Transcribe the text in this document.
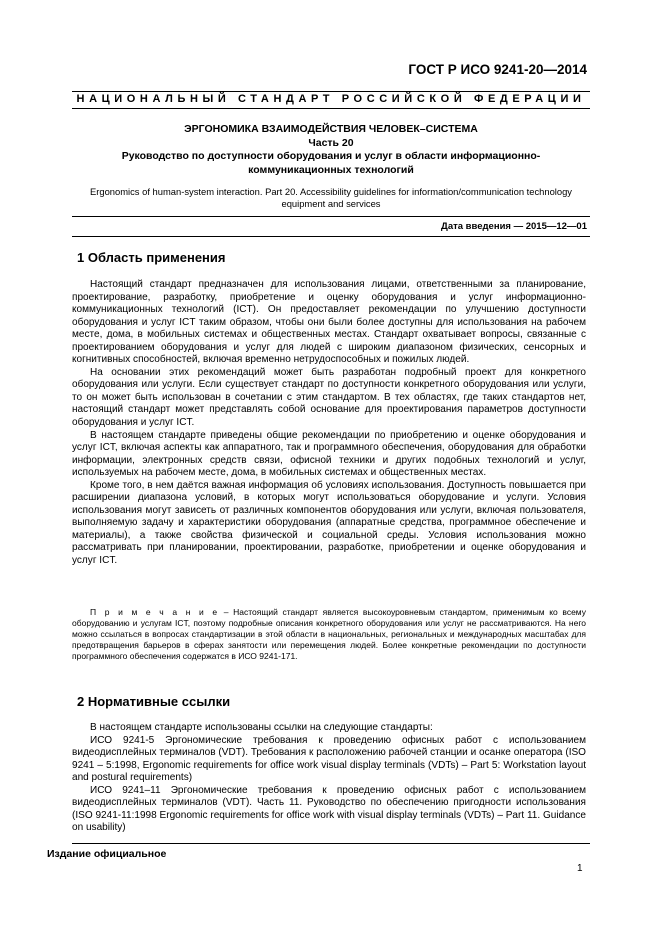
ГОСТ Р ИСО 9241-20—2014
НАЦИОНАЛЬНЫЙ СТАНДАРТ РОССИЙСКОЙ ФЕДЕРАЦИИ
ЭРГОНОМИКА ВЗАИМОДЕЙСТВИЯ ЧЕЛОВЕК–СИСТЕМА
Часть 20
Руководство по доступности оборудования и услуг в области информационно-
коммуникационных технологий
Ergonomics of human-system interaction. Part 20. Accessibility guidelines for information/communication technology equipment and services
Дата введения — 2015—12—01
1 Область применения

Настоящий стандарт предназначен для использования лицами, ответственными за планирование, проектирование, разработку, приобретение и оценку оборудования и услуг информационно-коммуникационных технологий (ICT). Он предоставляет рекомендации по улучшению доступности оборудования и услуг ICT таким образом, чтобы они были более доступны для использования на рабочем месте, дома, в мобильных системах и общественных местах. Стандарт охватывает вопросы, связанные с проектированием оборудования и услуг для людей с широким диапазоном физических, сенсорных и когнитивных способностей, включая временно нетрудоспособных и пожилых людей.

На основании этих рекомендаций может быть разработан подробный проект для конкретного оборудования или услуги. Если существует стандарт по доступности конкретного оборудования или услуги, то он может быть использован в сочетании с этим стандартом. В тех областях, где таких стандартов нет, настоящий стандарт может представлять собой основание для проектирования параметров доступности оборудования и услуг ICT.

В настоящем стандарте приведены общие рекомендации по приобретению и оценке оборудования и услуг ICT, включая аспекты как аппаратного, так и программного обеспечения, оборудования для обработки информации, электронных средств связи, офисной техники и других подобных технологий и услуг, используемых на рабочем месте, дома, в мобильных системах и общественных местах.

Кроме того, в нем даётся важная информация об условиях использования. Доступность повышается при расширении диапазона условий, в которых могут использоваться оборудование и услуги. Условия использования могут зависеть от различных компонентов оборудования или услуги, включая пользователя, выполняемую задачу и характеристики оборудования (аппаратные средства, программное обеспечение и материалы), а также свойства физической и социальной среды. Условия использования можно рассматривать при планировании, проектировании, разработке, приобретении и оценке оборудования и услуг ICT.

П р и м е ч а н и е – Настоящий стандарт является высокоуровневым стандартом, применимым ко всему оборудованию и услугам ICT, поэтому подробные описания конкретного оборудования или услуг не рассматриваются. На него можно ссылаться в вопросах стандартизации в этой области в национальных, региональных и международных масштабах для предотвращения барьеров в сферах занятости или перемещения людей. Более конкретные рекомендации по доступности программного обеспечения содержатся в ИСО 9241-171.

2 Нормативные ссылки

В настоящем стандарте использованы ссылки на следующие стандарты:

ИСО 9241-5 Эргономические требования к проведению офисных работ с использованием видеодисплейных терминалов (VDT). Требования к расположению рабочей станции и осанке оператора (ISO 9241 – 5:1998, Ergonomic requirements for office work visual display terminals (VDTs) – Part 5: Workstation layout and postural requirements)

ИСО 9241–11 Эргономические требования к проведению офисных работ с использованием видеодисплейных терминалов (VDT). Часть 11. Руководство по обеспечению пригодности использования (ISO 9241-11:1998 Ergonomic requirements for office work with visual display terminals (VDTs) – Part 11. Guidance on usability)

Издание официальное
1
